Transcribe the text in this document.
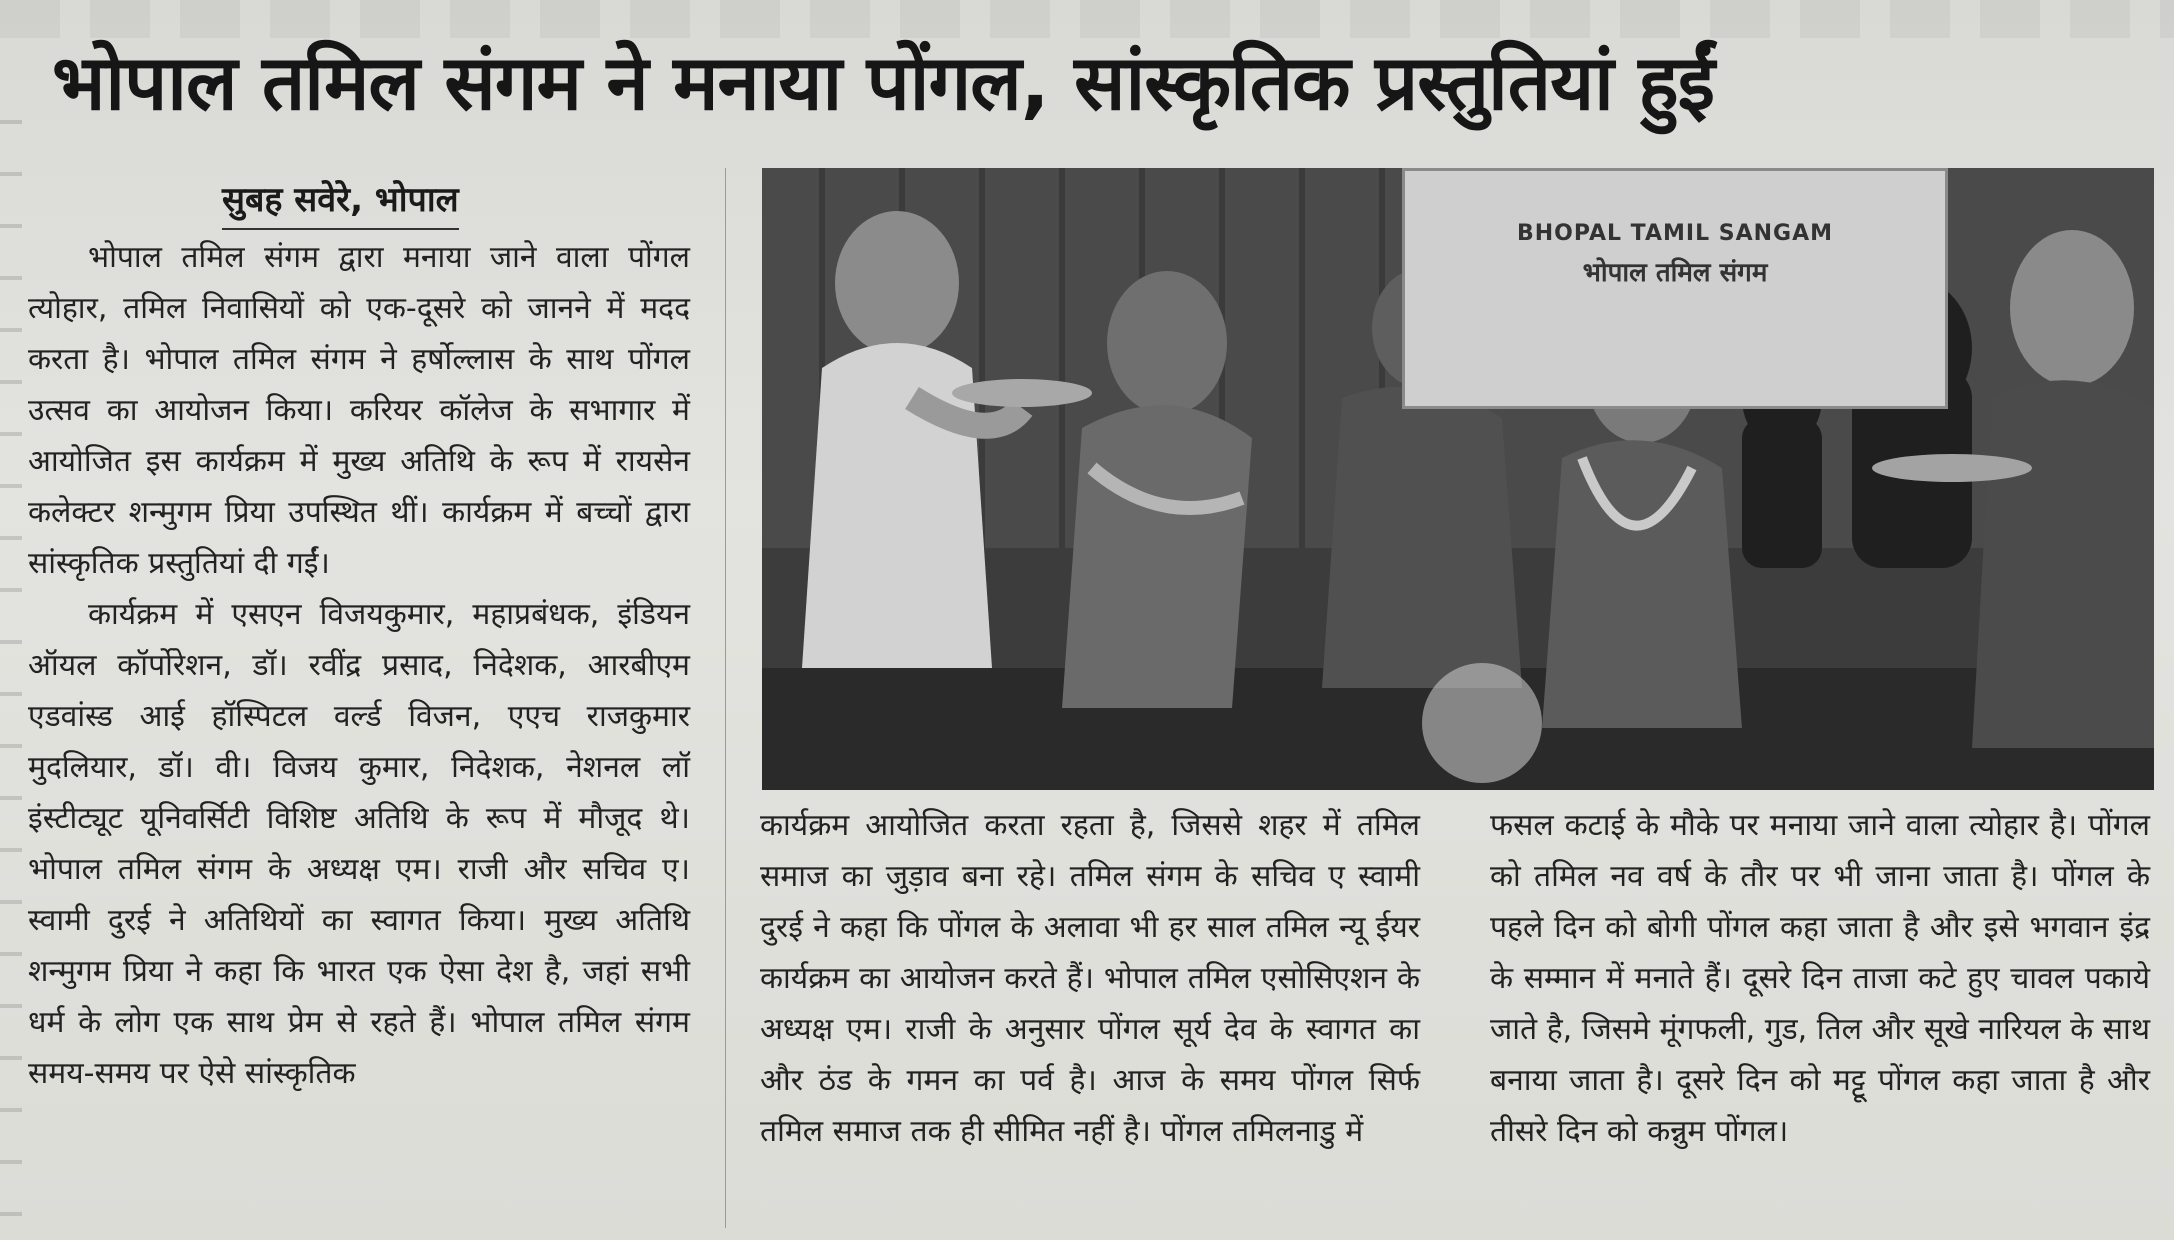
भोपाल तमिल संगम ने मनाया पोंगल, सांस्कृतिक प्रस्तुतियां हुईं
सुबह सवेरे, भोपाल

भोपाल तमिल संगम द्वारा मनाया जाने वाला पोंगल त्योहार, तमिल निवासियों को एक-दूसरे को जानने में मदद करता है। भोपाल तमिल संगम ने हर्षोल्लास के साथ पोंगल उत्सव का आयोजन किया। करियर कॉलेज के सभागार में आयोजित इस कार्यक्रम में मुख्य अतिथि के रूप में रायसेन कलेक्टर शन्मुगम प्रिया उपस्थित थीं। कार्यक्रम में बच्चों द्वारा सांस्कृतिक प्रस्तुतियां दी गईं।

कार्यक्रम में एसएन विजयकुमार, महाप्रबंधक, इंडियन ऑयल कॉर्पोरेशन, डॉ। रवींद्र प्रसाद, निदेशक, आरबीएम एडवांस्ड आई हॉस्पिटल वर्ल्ड विजन, एएच राजकुमार मुदलियार, डॉ। वी। विजय कुमार, निदेशक, नेशनल लॉ इंस्टीट्यूट यूनिवर्सिटी विशिष्ट अतिथि के रूप में मौजूद थे। भोपाल तमिल संगम के अध्यक्ष एम। राजी और सचिव ए। स्वामी दुरई ने अतिथियों का स्वागत किया। मुख्य अतिथि शन्मुगम प्रिया ने कहा कि भारत एक ऐसा देश है, जहां सभी धर्म के लोग एक साथ प्रेम से रहते हैं। भोपाल तमिल संगम समय-समय पर ऐसे सांस्कृतिक

BHOPAL TAMIL SANGAM
भोपाल तमिल संगम

कार्यक्रम आयोजित करता रहता है, जिससे शहर में तमिल समाज का जुड़ाव बना रहे। तमिल संगम के सचिव ए स्वामी दुरई ने कहा कि पोंगल के अलावा भी हर साल तमिल न्यू ईयर कार्यक्रम का आयोजन करते हैं। भोपाल तमिल एसोसिएशन के अध्यक्ष एम। राजी के अनुसार पोंगल सूर्य देव के स्वागत का और ठंड के गमन का पर्व है। आज के समय पोंगल सिर्फ तमिल समाज तक ही सीमित नहीं है। पोंगल तमिलनाडु में

फसल कटाई के मौके पर मनाया जाने वाला त्योहार है। पोंगल को तमिल नव वर्ष के तौर पर भी जाना जाता है। पोंगल के पहले दिन को बोगी पोंगल कहा जाता है और इसे भगवान इंद्र के सम्मान में मनाते हैं। दूसरे दिन ताजा कटे हुए चावल पकाये जाते है, जिसमे मूंगफली, गुड, तिल और सूखे नारियल के साथ बनाया जाता है। दूसरे दिन को मट्टू पोंगल कहा जाता है और तीसरे दिन को कन्नुम पोंगल।
